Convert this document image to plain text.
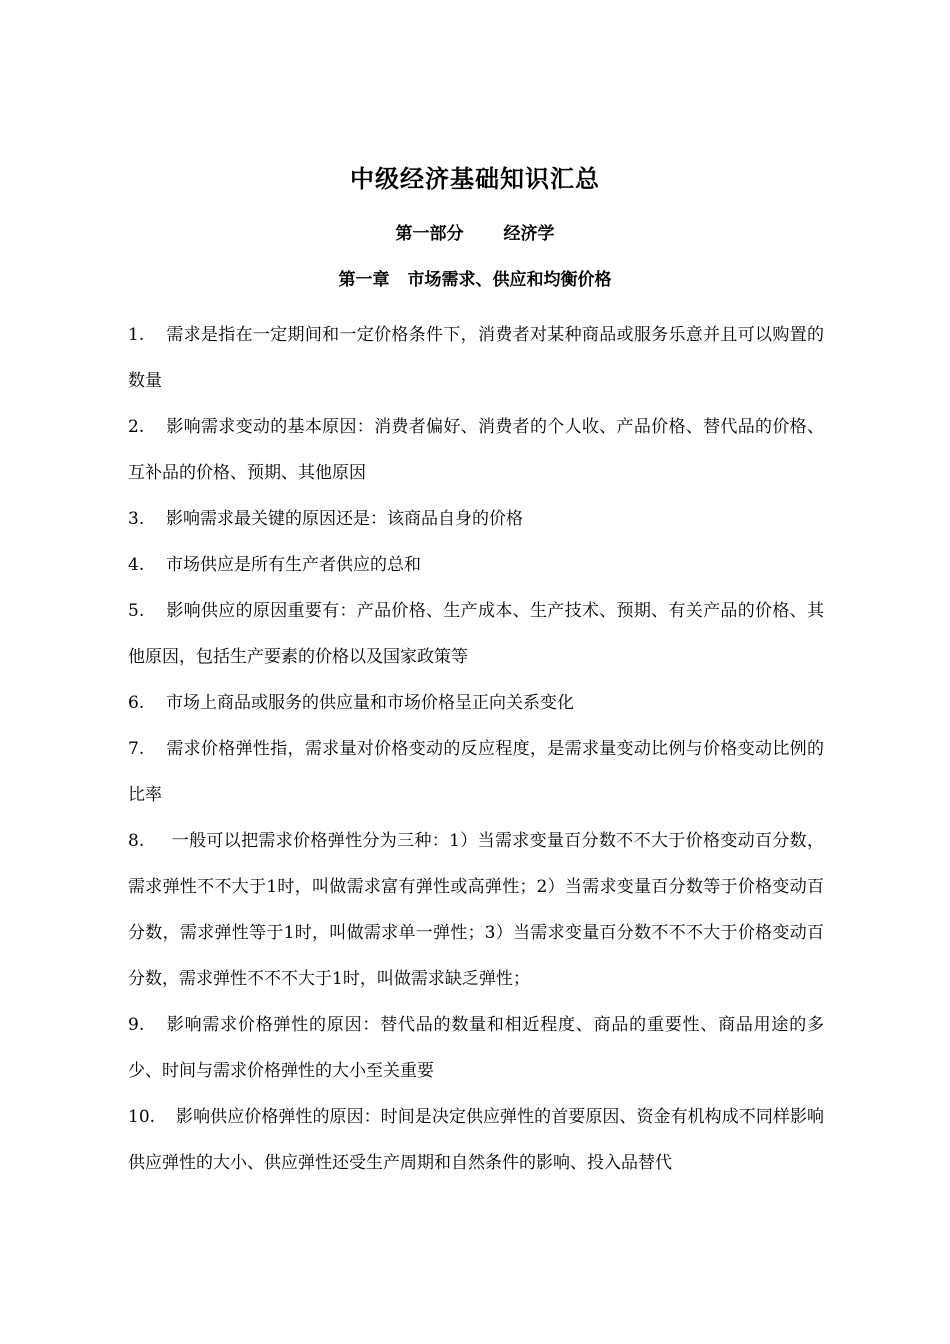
中级经济基础知识汇总
第一部分 经济学
第一章 市场需求、供应和均衡价格

1. 需求是指在一定期间和一定价格条件下，消费者对某种商品或服务乐意并且可以购置的数量

2. 影响需求变动的基本原因：消费者偏好、消费者的个人收、产品价格、替代品的价格、互补品的价格、预期、其他原因

3. 影响需求最关键的原因还是：该商品自身的价格

4. 市场供应是所有生产者供应的总和

5. 影响供应的原因重要有：产品价格、生产成本、生产技术、预期、有关产品的价格、其他原因，包括生产要素的价格以及国家政策等

6. 市场上商品或服务的供应量和市场价格呈正向关系变化

7. 需求价格弹性指，需求量对价格变动的反应程度，是需求量变动比例与价格变动比例的比率

8. 一般可以把需求价格弹性分为三种：1）当需求变量百分数不不大于价格变动百分数，需求弹性不不大于1时，叫做需求富有弹性或高弹性；2）当需求变量百分数等于价格变动百分数，需求弹性等于1时，叫做需求单一弹性；3）当需求变量百分数不不不大于价格变动百分数，需求弹性不不不大于1时，叫做需求缺乏弹性；

9. 影响需求价格弹性的原因：替代品的数量和相近程度、商品的重要性、商品用途的多少、时间与需求价格弹性的大小至关重要

10. 影响供应价格弹性的原因：时间是决定供应弹性的首要原因、资金有机构成不同样影响供应弹性的大小、供应弹性还受生产周期和自然条件的影响、投入品替代
